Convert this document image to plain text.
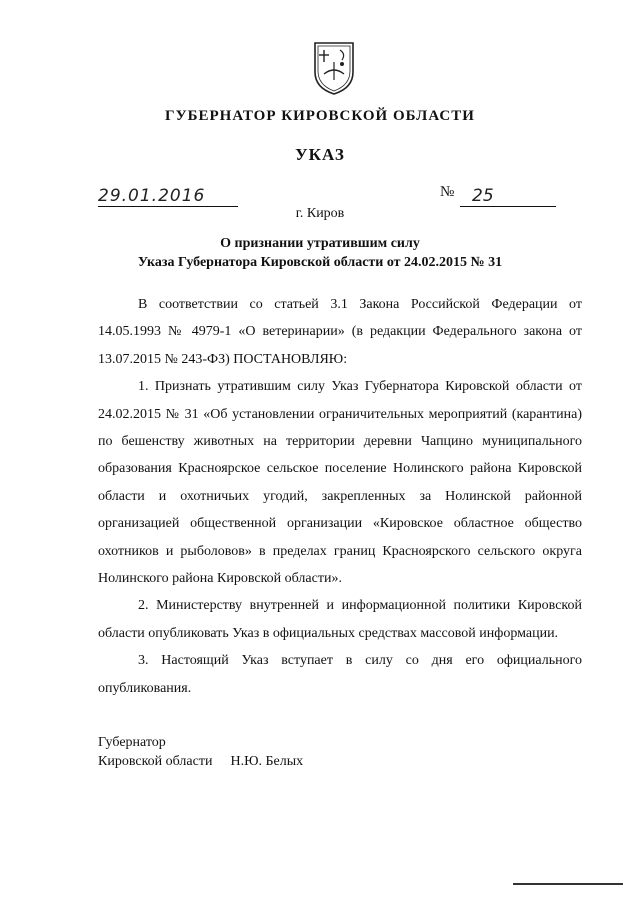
ГУБЕРНАТОР КИРОВСКОЙ ОБЛАСТИ
УКАЗ
29.01.2016	№	25
г. Киров
О признании утратившим силу
Указа Губернатора Кировской области от 24.02.2015 № 31

В соответствии со статьей 3.1 Закона Российской Федерации от 14.05.1993 № 4979-1 «О ветеринарии» (в редакции Федерального закона от 13.07.2015 № 243-ФЗ) ПОСТАНОВЛЯЮ:

1. Признать утратившим силу Указ Губернатора Кировской области от 24.02.2015 № 31 «Об установлении ограничительных мероприятий (карантина) по бешенству животных на территории деревни Чапцино муниципального образования Красноярское сельское поселение Нолинского района Кировской области и охотничьих угодий, закрепленных за Нолинской районной организацией общественной организации «Кировское областное общество охотников и рыболовов» в пределах границ Красноярского сельского округа Нолинского района Кировской области».

2. Министерству внутренней и информационной политики Кировской области опубликовать Указ в официальных средствах массовой информации.

3. Настоящий Указ вступает в силу со дня его официального опубликования.

Губернатор
Кировской области Н.Ю. Белых
